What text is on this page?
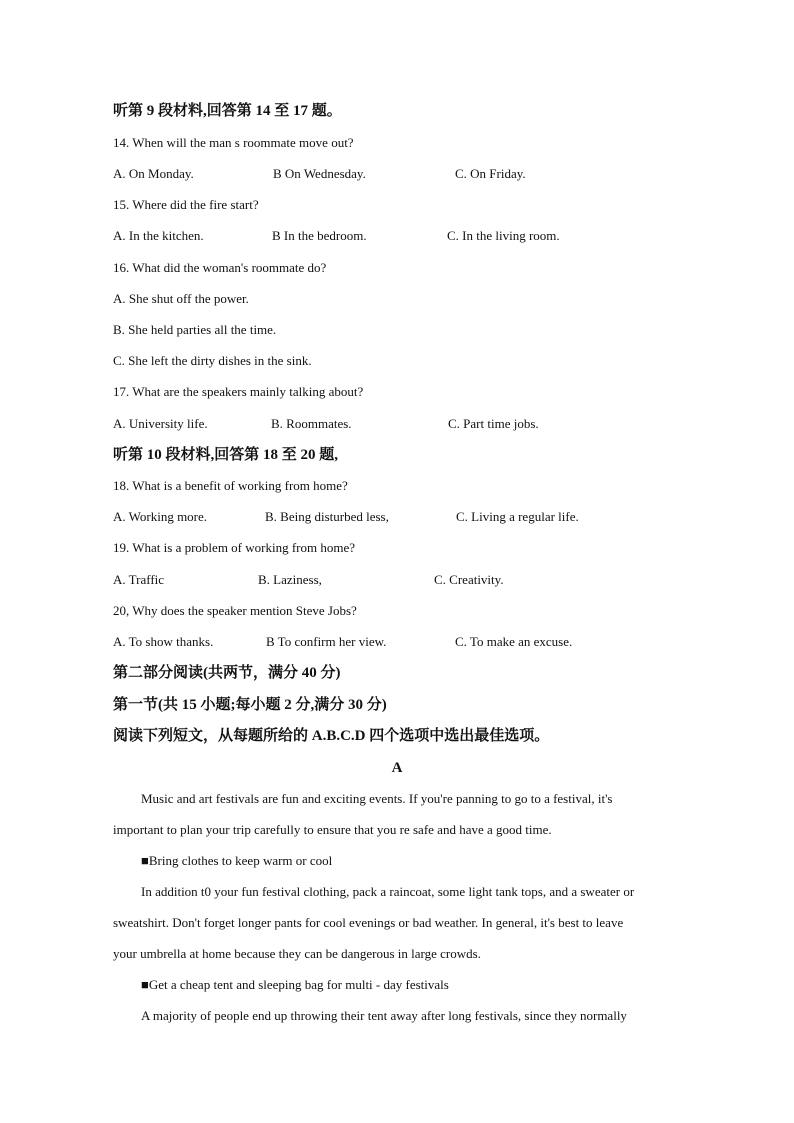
听第 9 段材料,回答第 14 至 17 题。
14. When will the man s roommate move out?
A. On Monday.	B On Wednesday.	C. On Friday.
15. Where did the fire start?
A. In the kitchen.	B In the bedroom.	C. In the living room.
16. What did the woman's roommate do?
A. She shut off the power.
B. She held parties all the time.
C. She left the dirty dishes in the sink.
17. What are the speakers mainly talking about?
A. University life.	B. Roommates.	C. Part time jobs.
听第 10 段材料,回答第 18 至 20 题,
18. What is a benefit of working from home?
A. Working more.	B. Being disturbed less,	C. Living a regular life.
19. What is a problem of working from home?
A. Traffic	B. Laziness,	C. Creativity.
20, Why does the speaker mention Steve Jobs?
A. To show thanks.	B To confirm her view.	C. To make an excuse.
第二部分阅读(共两节，满分 40 分)
第一节(共 15 小题;每小题 2 分,满分 30 分)
阅读下列短文，从每题所给的 A.B.C.D 四个选项中选出最佳选项。
A
Music and art festivals are fun and exciting events. If you're panning to go to a festival, it's
important to plan your trip carefully to ensure that you re safe and have a good time.
■Bring clothes to keep warm or cool
In addition t0 your fun festival clothing, pack a raincoat, some light tank tops, and a sweater or
sweatshirt. Don't forget longer pants for cool evenings or bad weather. In general, it's best to leave
your umbrella at home because they can be dangerous in large crowds.
■Get a cheap tent and sleeping bag for multi - day festivals
A majority of people end up throwing their tent away after long festivals, since they normally
